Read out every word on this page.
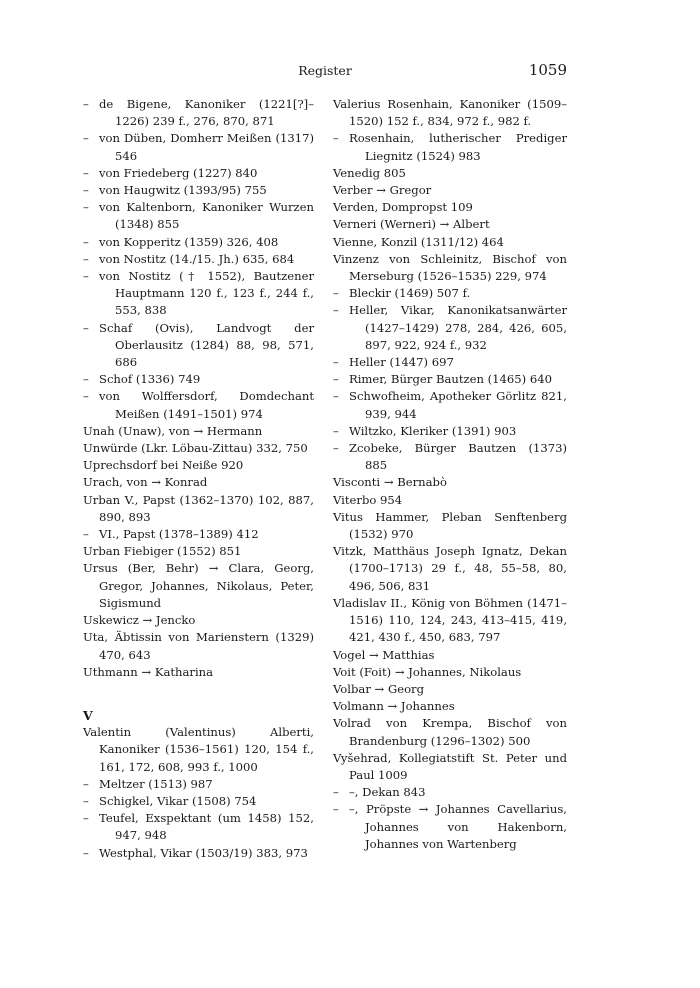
Register	1059
– de Bigene, Kanoniker (1221[?]–1226) 239 f., 276, 870, 871
– von Düben, Domherr Meißen (1317) 546
– von Friedeberg (1227) 840
– von Haugwitz (1393/95) 755
– von Kaltenborn, Kanoniker Wurzen (1348) 855
– von Kopperitz (1359) 326, 408
– von Nostitz (14./15. Jh.) 635, 684
– von Nostitz († 1552), Bautzener Hauptmann 120 f., 123 f., 244 f., 553, 838
– Schaf (Ovis), Landvogt der Oberlausitz (1284) 88, 98, 571, 686
– Schof (1336) 749
– von Wolffersdorf, Domdechant Meißen (1491–1501) 974
Unah (Unaw), von → Hermann
Unwürde (Lkr. Löbau-Zittau) 332, 750
Uprechsdorf bei Neiße 920
Urach, von → Konrad
Urban V., Papst (1362–1370) 102, 887, 890, 893
– VI., Papst (1378–1389) 412
Urban Fiebiger (1552) 851
Ursus (Ber, Behr) → Clara, Georg, Gregor, Johannes, Nikolaus, Peter, Sigismund
Uskewicz → Jencko
Uta, Äbtissin von Marienstern (1329) 470, 643
Uthmann → Katharina
V
Valentin (Valentinus) Alberti, Kanoniker (1536–1561) 120, 154 f., 161, 172, 608, 993 f., 1000
– Meltzer (1513) 987
– Schigkel, Vikar (1508) 754
– Teufel, Exspektant (um 1458) 152, 947, 948
– Westphal, Vikar (1503/19) 383, 973
Valerius Rosenhain, Kanoniker (1509–1520) 152 f., 834, 972 f., 982 f.
– Rosenhain, lutherischer Prediger Liegnitz (1524) 983
Venedig 805
Verber → Gregor
Verden, Dompropst 109
Verneri (Werneri) → Albert
Vienne, Konzil (1311/12) 464
Vinzenz von Schleinitz, Bischof von Merseburg (1526–1535) 229, 974
– Bleckir (1469) 507 f.
– Heller, Vikar, Kanonikatsanwärter (1427–1429) 278, 284, 426, 605, 897, 922, 924 f., 932
– Heller (1447) 697
– Rimer, Bürger Bautzen (1465) 640
– Schwofheim, Apotheker Görlitz 821, 939, 944
– Wiltzko, Kleriker (1391) 903
– Zcobeke, Bürger Bautzen (1373) 885
Visconti → Bernabò
Viterbo 954
Vitus Hammer, Pleban Senftenberg (1532) 970
Vitzk, Matthäus Joseph Ignatz, Dekan (1700–1713) 29 f., 48, 55–58, 80, 496, 506, 831
Vladislav II., König von Böhmen (1471–1516) 110, 124, 243, 413–415, 419, 421, 430 f., 450, 683, 797
Vogel → Matthias
Voit (Foit) → Johannes, Nikolaus
Volbar → Georg
Volmann → Johannes
Volrad von Krempa, Bischof von Brandenburg (1296–1302) 500
Vyšehrad, Kollegiatstift St. Peter und Paul 1009
– –, Dekan 843
– –, Pröpste → Johannes Cavellarius, Johannes von Hakenborn, Johannes von Wartenberg
